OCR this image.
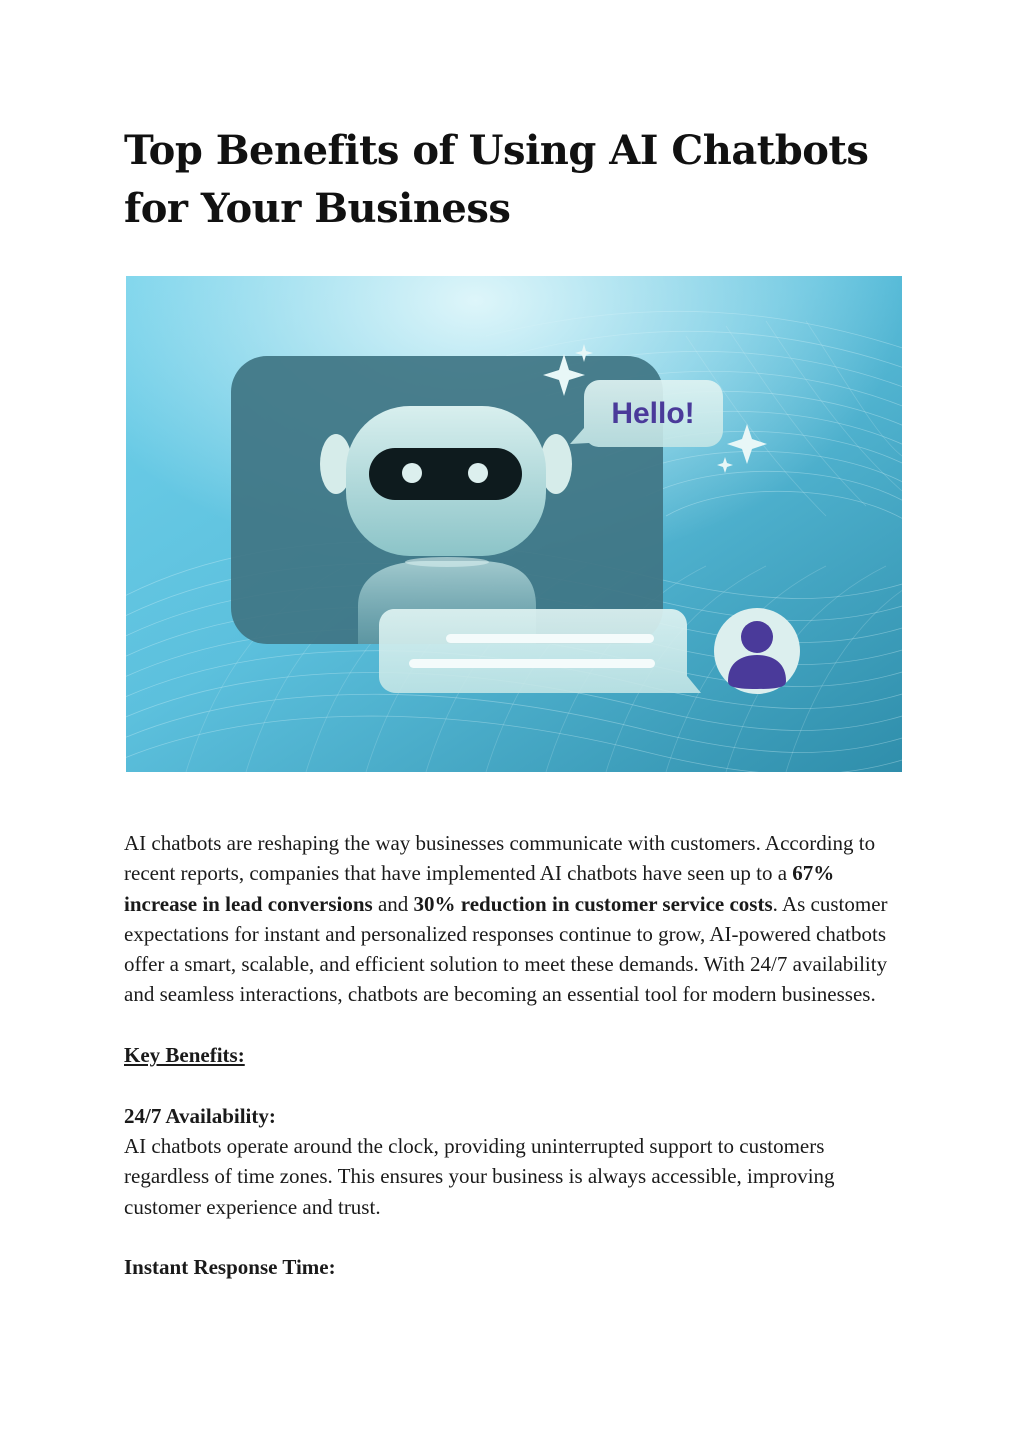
Top Benefits of Using AI Chatbots for Your Business
Hello!

AI chatbots are reshaping the way businesses communicate with customers. According to recent reports, companies that have implemented AI chatbots have seen up to a 67% increase in lead conversions and 30% reduction in customer service costs. As customer expectations for instant and personalized responses continue to grow, AI-powered chatbots offer a smart, scalable, and efficient solution to meet these demands. With 24/7 availability and seamless interactions, chatbots are becoming an essential tool for modern businesses.

Key Benefits:

24/7 Availability:

AI chatbots operate around the clock, providing uninterrupted support to customers regardless of time zones. This ensures your business is always accessible, improving customer experience and trust.

Instant Response Time:
